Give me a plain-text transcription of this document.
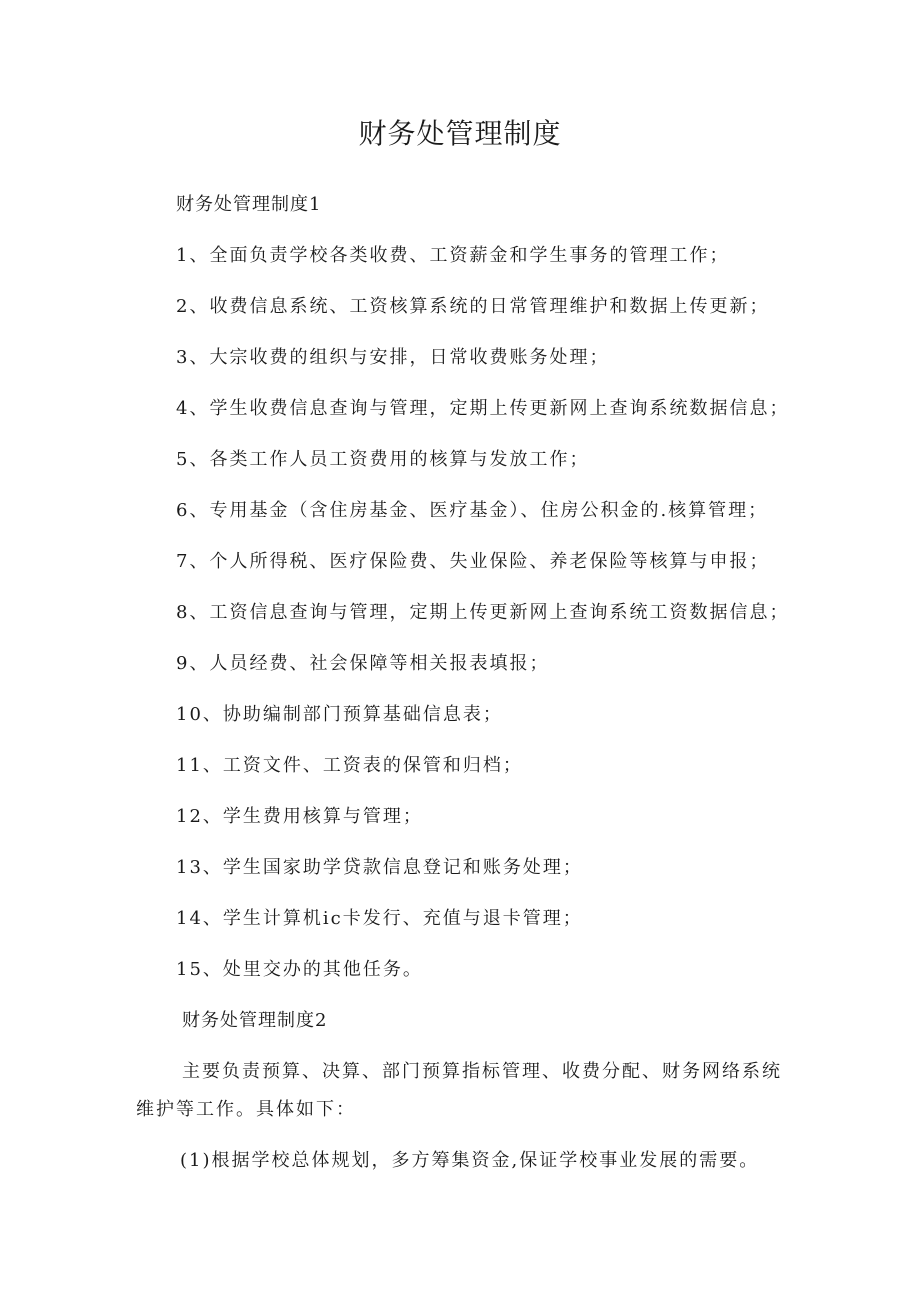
财务处管理制度
财务处管理制度1
1、全面负责学校各类收费、工资薪金和学生事务的管理工作；
2、收费信息系统、工资核算系统的日常管理维护和数据上传更新；
3、大宗收费的组织与安排，日常收费账务处理；
4、学生收费信息查询与管理，定期上传更新网上查询系统数据信息；
5、各类工作人员工资费用的核算与发放工作；
6、专用基金（含住房基金、医疗基金）、住房公积金的.核算管理；
7、个人所得税、医疗保险费、失业保险、养老保险等核算与申报；
8、工资信息查询与管理，定期上传更新网上查询系统工资数据信息；
9、人员经费、社会保障等相关报表填报；
10、协助编制部门预算基础信息表；
11、工资文件、工资表的保管和归档；
12、学生费用核算与管理；
13、学生国家助学贷款信息登记和账务处理；
14、学生计算机ic卡发行、充值与退卡管理；
15、处里交办的其他任务。
财务处管理制度2
主要负责预算、决算、部门预算指标管理、收费分配、财务网络系统
维护等工作。具体如下：
(1)根据学校总体规划，多方筹集资金,保证学校事业发展的需要。
